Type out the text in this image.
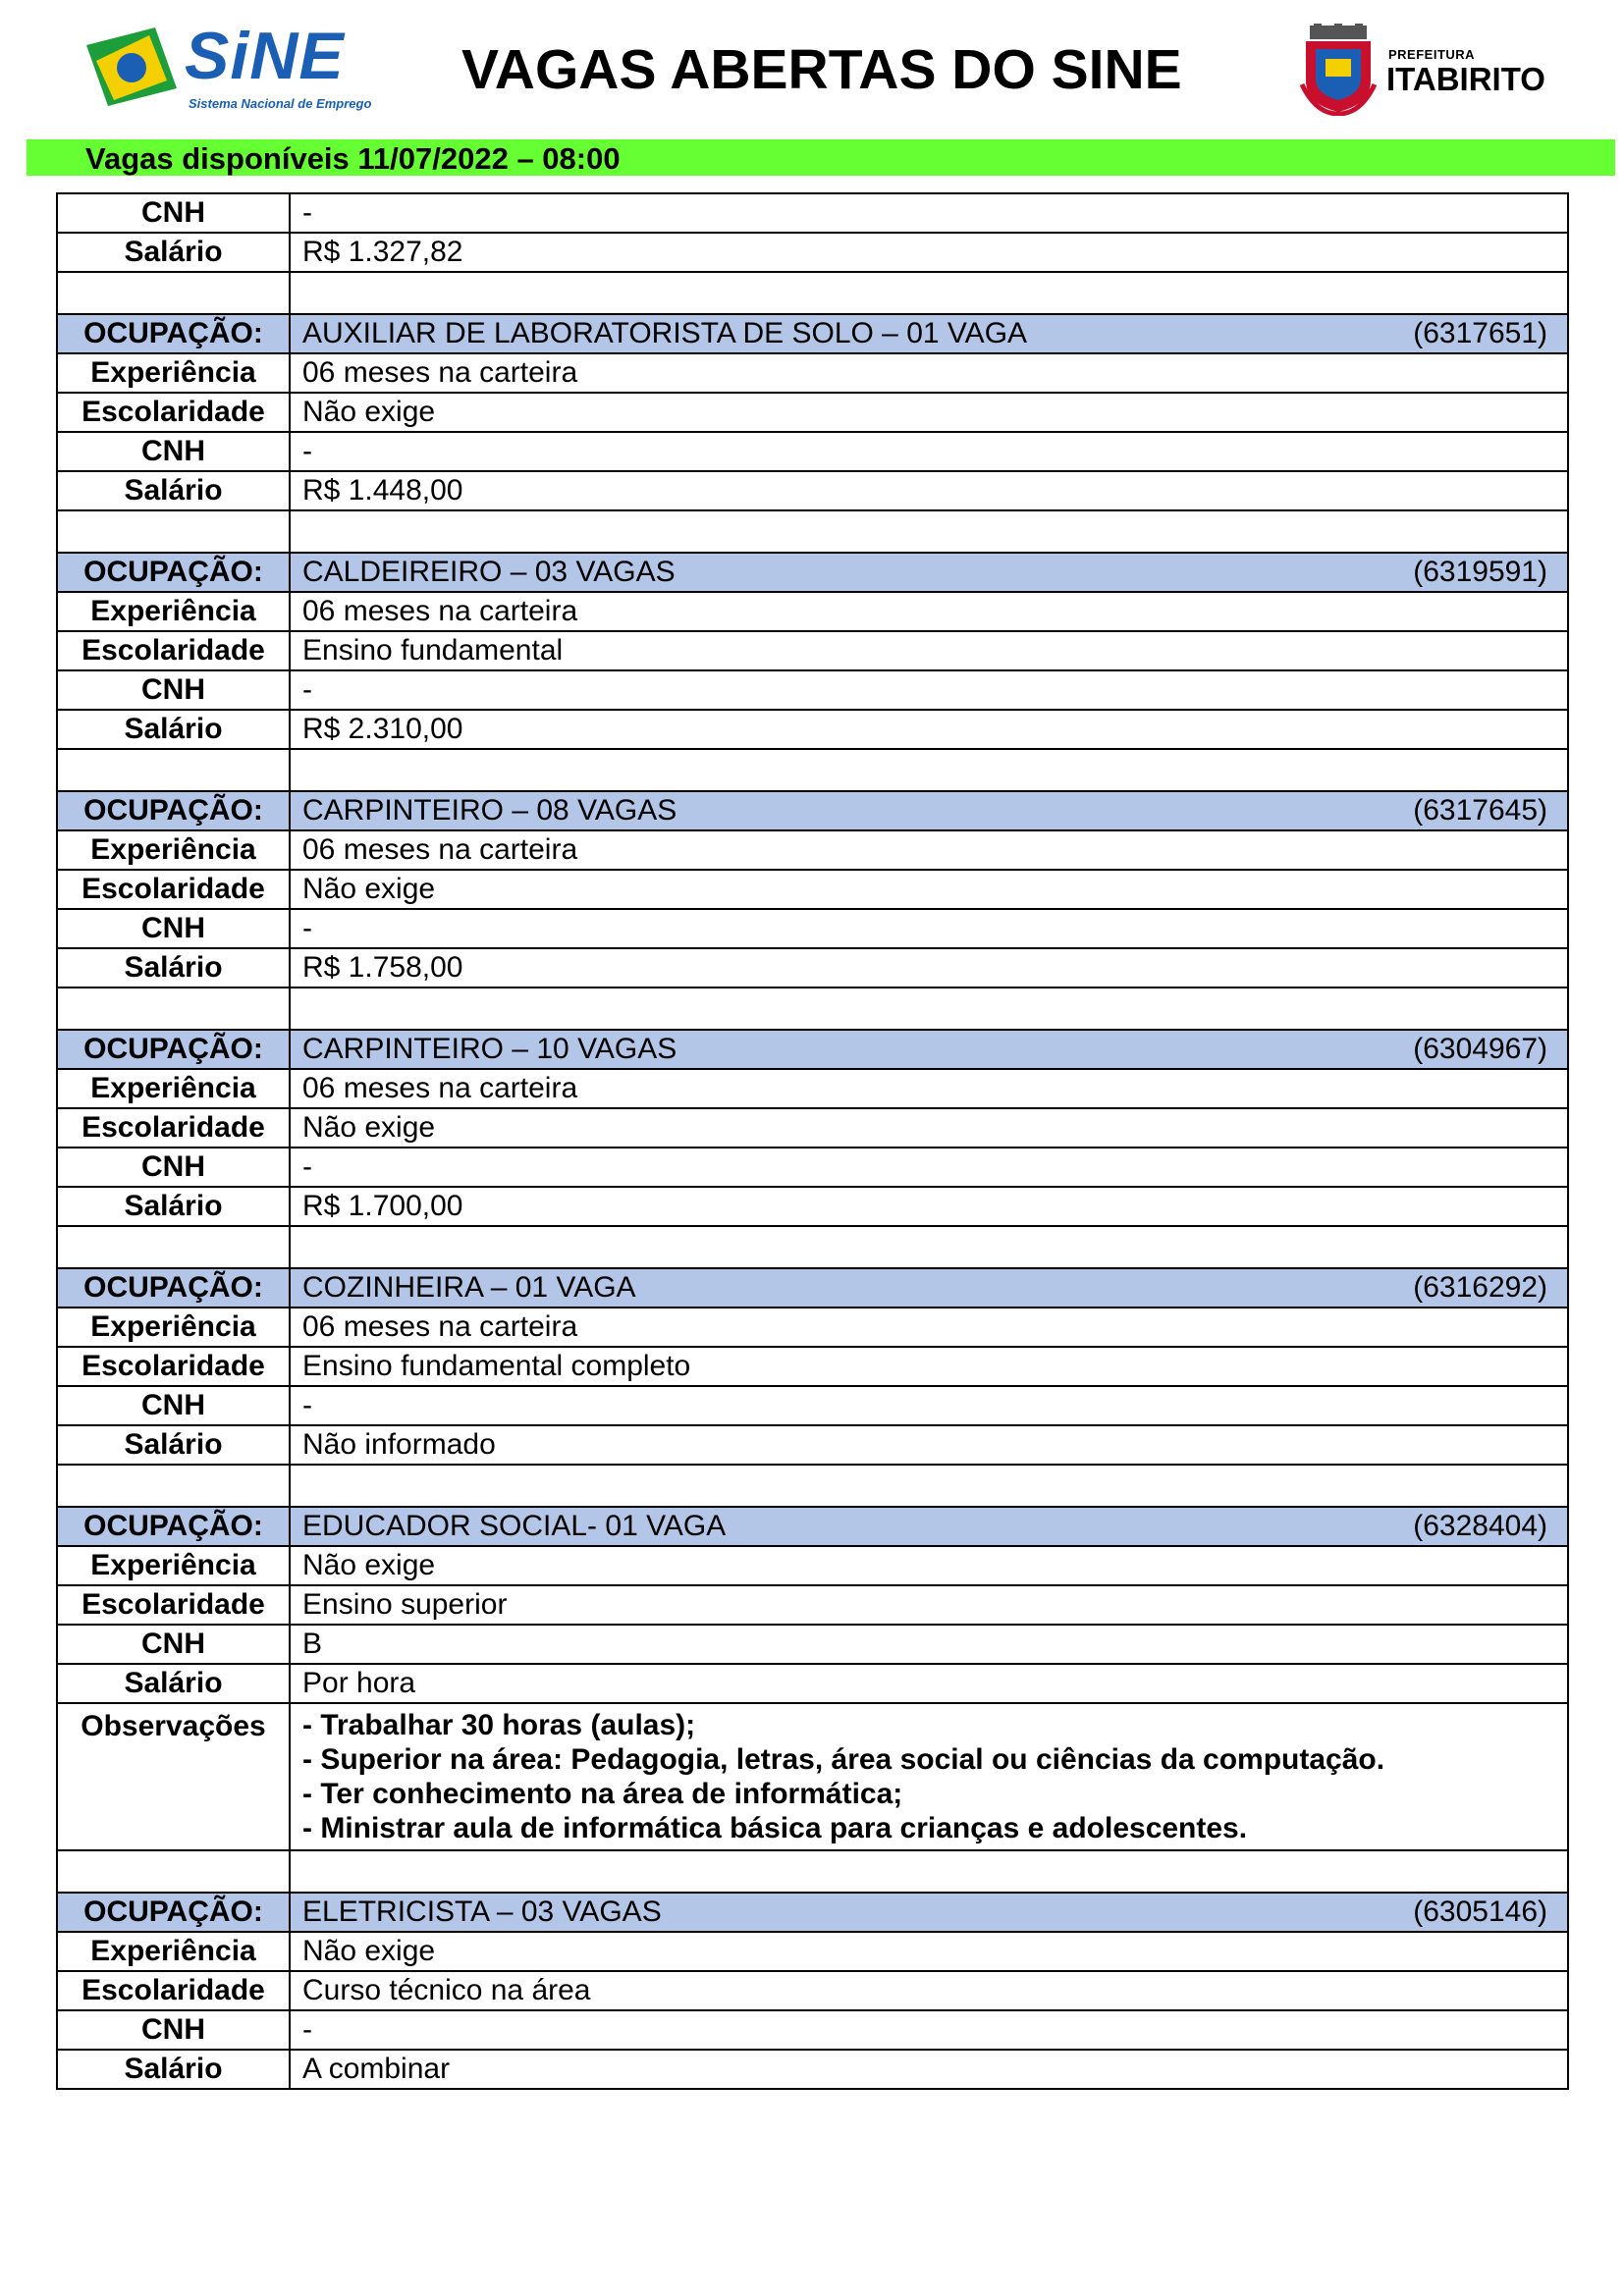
SiNE
Sistema Nacional de Emprego
VAGAS ABERTAS DO SINE	PREFEITURA
ITABIRITO
Vagas disponíveis 11/07/2022 – 08:00
CNH	-
Salário	R$ 1.327,82

OCUPAÇÃO:	AUXILIAR DE LABORATORISTA DE SOLO – 01 VAGA (6317651)

Experiência	06 meses na carteira
Escolaridade	Não exige
CNH	-
Salário	R$ 1.448,00

OCUPAÇÃO:	CALDEIREIRO – 03 VAGAS (6319591)

Experiência	06 meses na carteira
Escolaridade	Ensino fundamental
CNH	-
Salário	R$ 2.310,00

OCUPAÇÃO:	CARPINTEIRO – 08 VAGAS (6317645)

Experiência	06 meses na carteira
Escolaridade	Não exige
CNH	-
Salário	R$ 1.758,00

OCUPAÇÃO:	CARPINTEIRO – 10 VAGAS (6304967)

Experiência	06 meses na carteira
Escolaridade	Não exige
CNH	-
Salário	R$ 1.700,00

OCUPAÇÃO:	COZINHEIRA – 01 VAGA (6316292)

Experiência	06 meses na carteira
Escolaridade	Ensino fundamental completo
CNH	-
Salário	Não informado

OCUPAÇÃO:	EDUCADOR SOCIAL- 01 VAGA (6328404)

Experiência	Não exige
Escolaridade	Ensino superior
CNH	B
Salário	Por hora
Observações	- Trabalhar 30 horas (aulas);
- Superior na área: Pedagogia, letras, área social ou ciências da computação.
- Ter conhecimento na área de informática;
- Ministrar aula de informática básica para crianças e adolescentes.

OCUPAÇÃO:	ELETRICISTA – 03 VAGAS (6305146)

Experiência	Não exige
Escolaridade	Curso técnico na área
CNH	-
Salário	A combinar
